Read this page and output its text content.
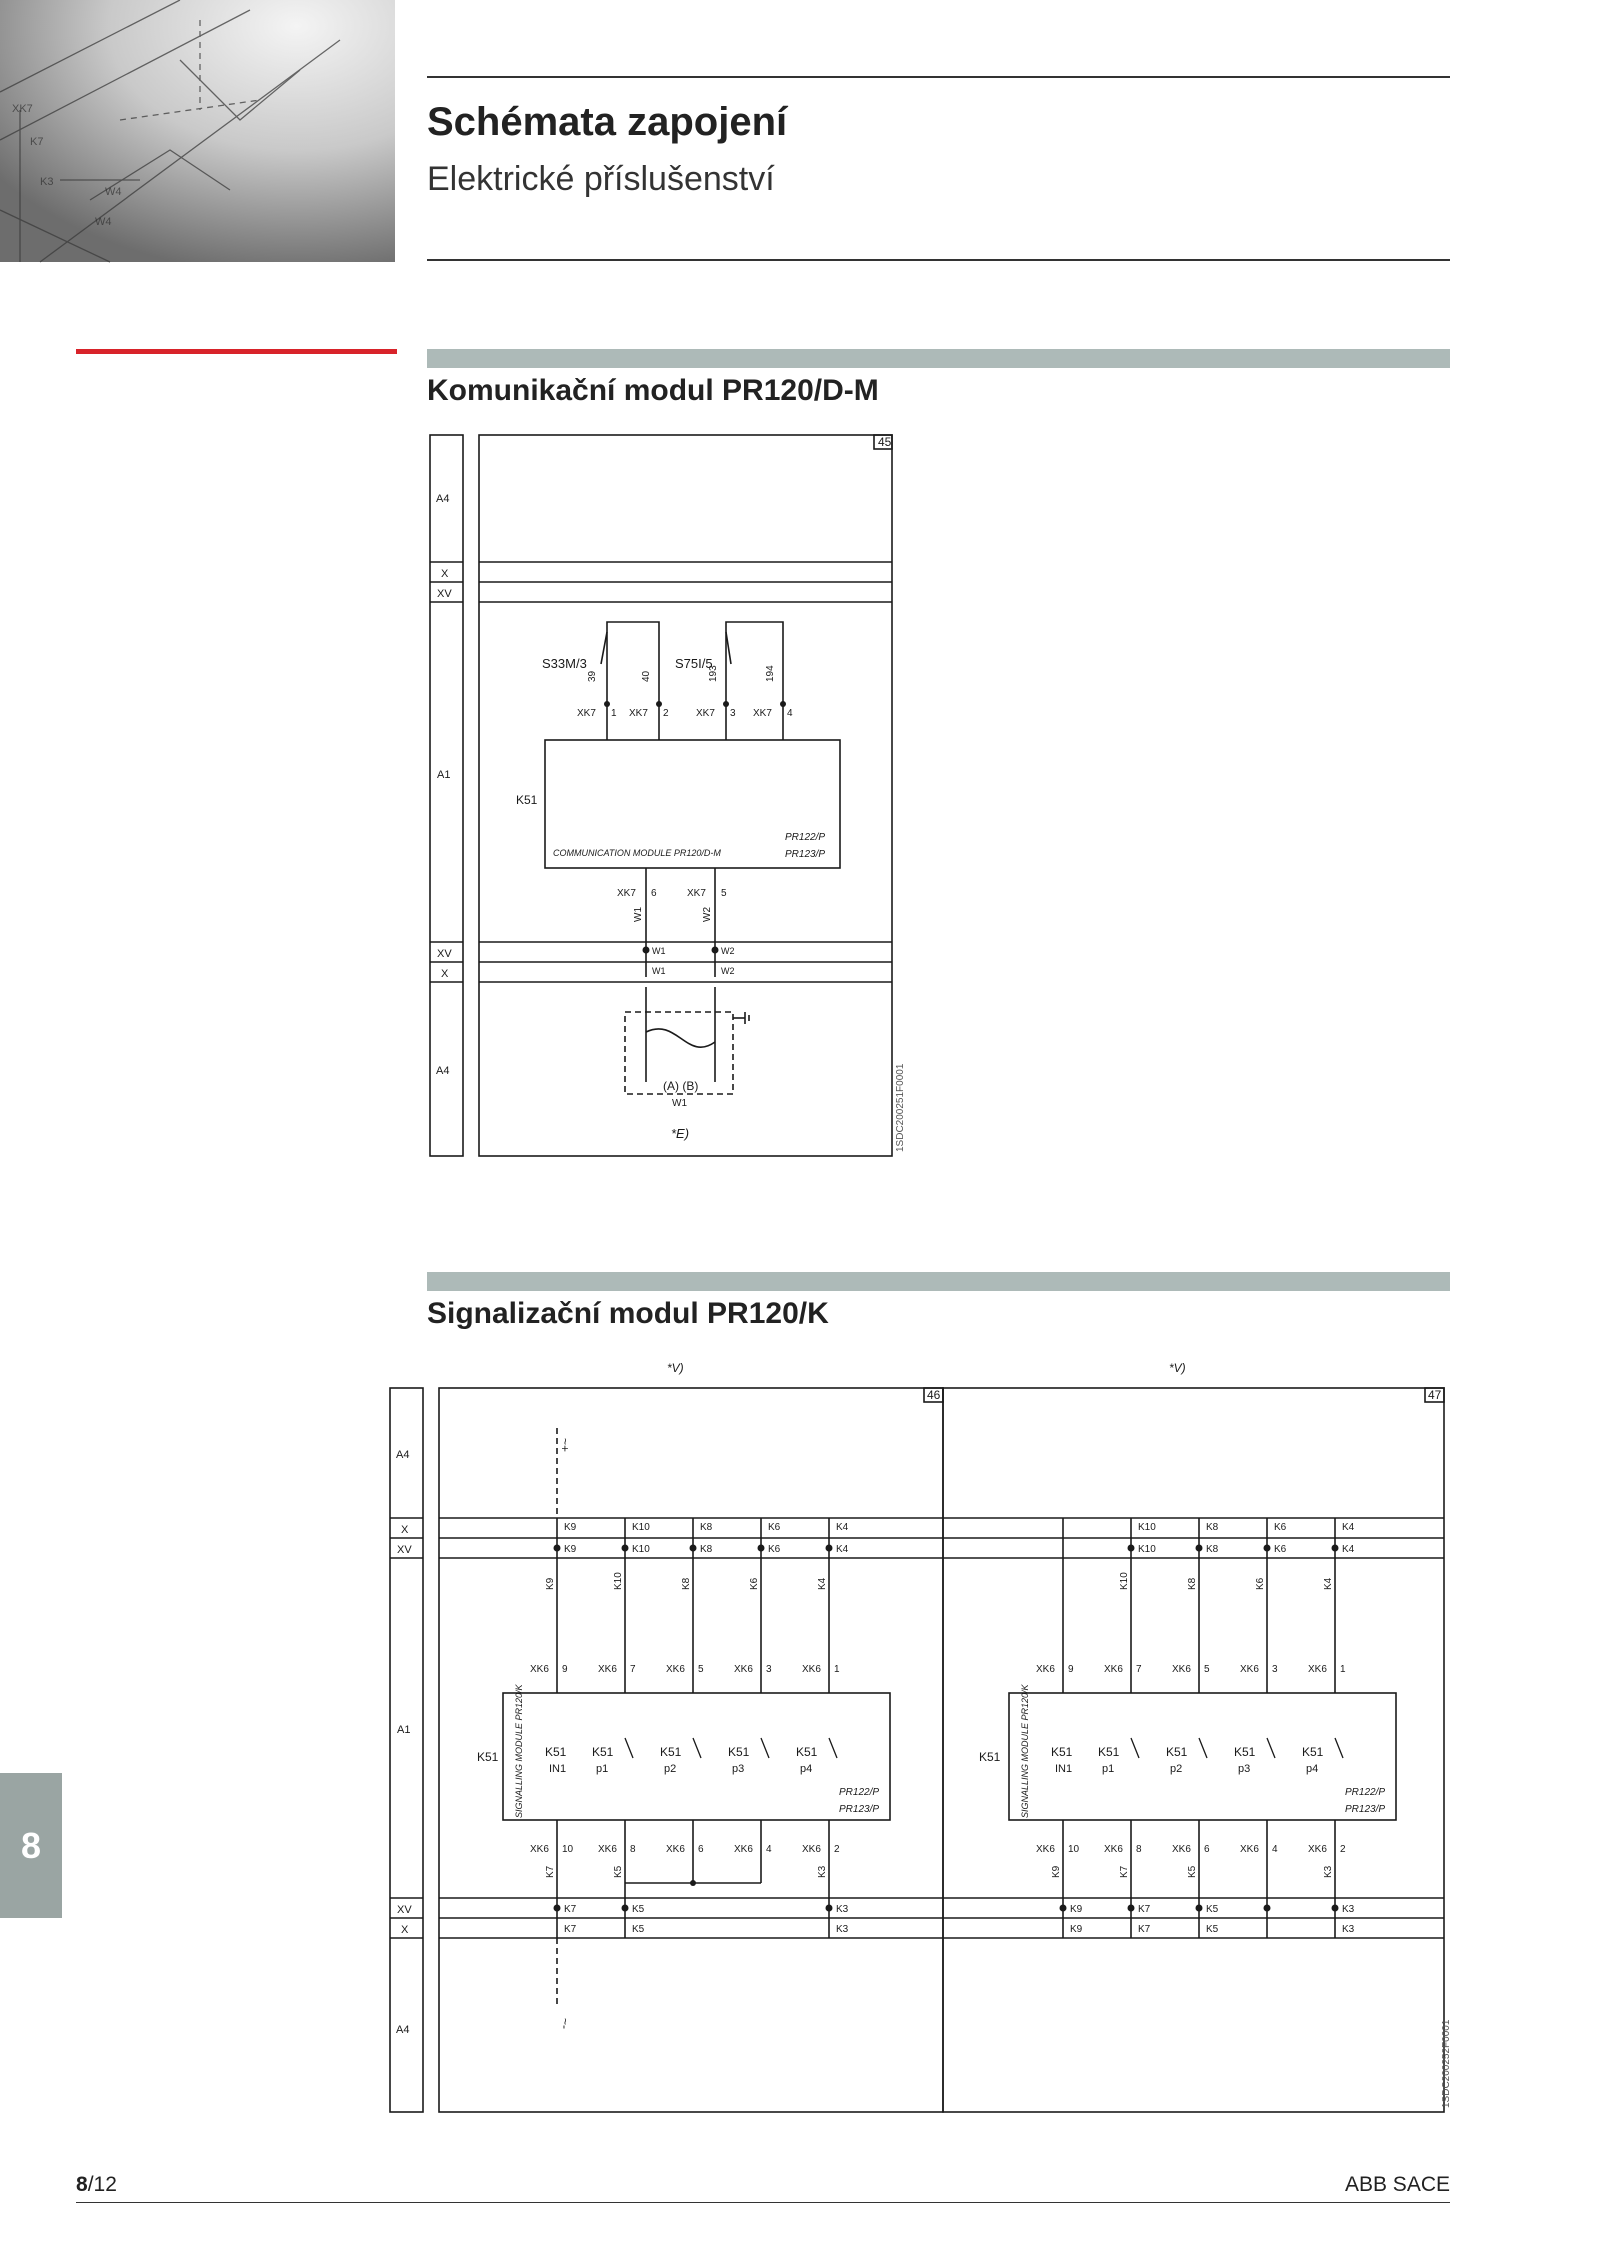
XK7
K7
K3
W4
W4
Schémata zapojení
Elektrické příslušenství
Komunikační modul PR120/D-M
45
A4
X
XV
A1
XV
X
A4
S33M/3	S75I/5
39	40	193	194
XK7 1 XK7 2	XK7 3 XK7 4
K51
COMMUNICATION MODULE PR120/D-M
PR122/P
PR123/P
XK7 6	XK7 5
W1	W2
W1	W2
W1	W2
(A) (B)
W1
*E)	1SDC200251F0001
Signalizační modul PR120/K
*V)	*V)
46	47
A4
X
XV
A1
XV
X
A4
~+
~-
K9	K10	K8	K6	K4
K9	K10	K8	K6	K4
K9	K10	K8	K6	K4
XK6 9	XK6 7	XK6 5	XK6 3	XK6 1
K51 SIGNALLING MODULE PR120/K K51
IN1
K51
p1
K51
p2
K51
p3
K51
p4
PR122/P
PR123/P
XK6 10 XK6 8	XK6 6	XK6 4	XK6 2
K7	K5	K3
K7	K5	K3
K7	K5	K3
K10	K8	K6	K4
K10	K8	K6	K4
K10	K8	K6	K4
XK6 9	XK6 7	XK6 5	XK6 3	XK6 1
K51 SIGNALLING MODULE PR120/K K51
IN1
K51
p1
K51
p2
K51
p3
K51
p4
PR122/P
PR123/P
XK6 10 XK6 8	XK6 6	XK6 4	XK6 2
K9	K7	K5	K3
K9	K7	K5	K3
K9	K7	K5	K3
1SDC200252F0001
8
8/12	ABB SACE
